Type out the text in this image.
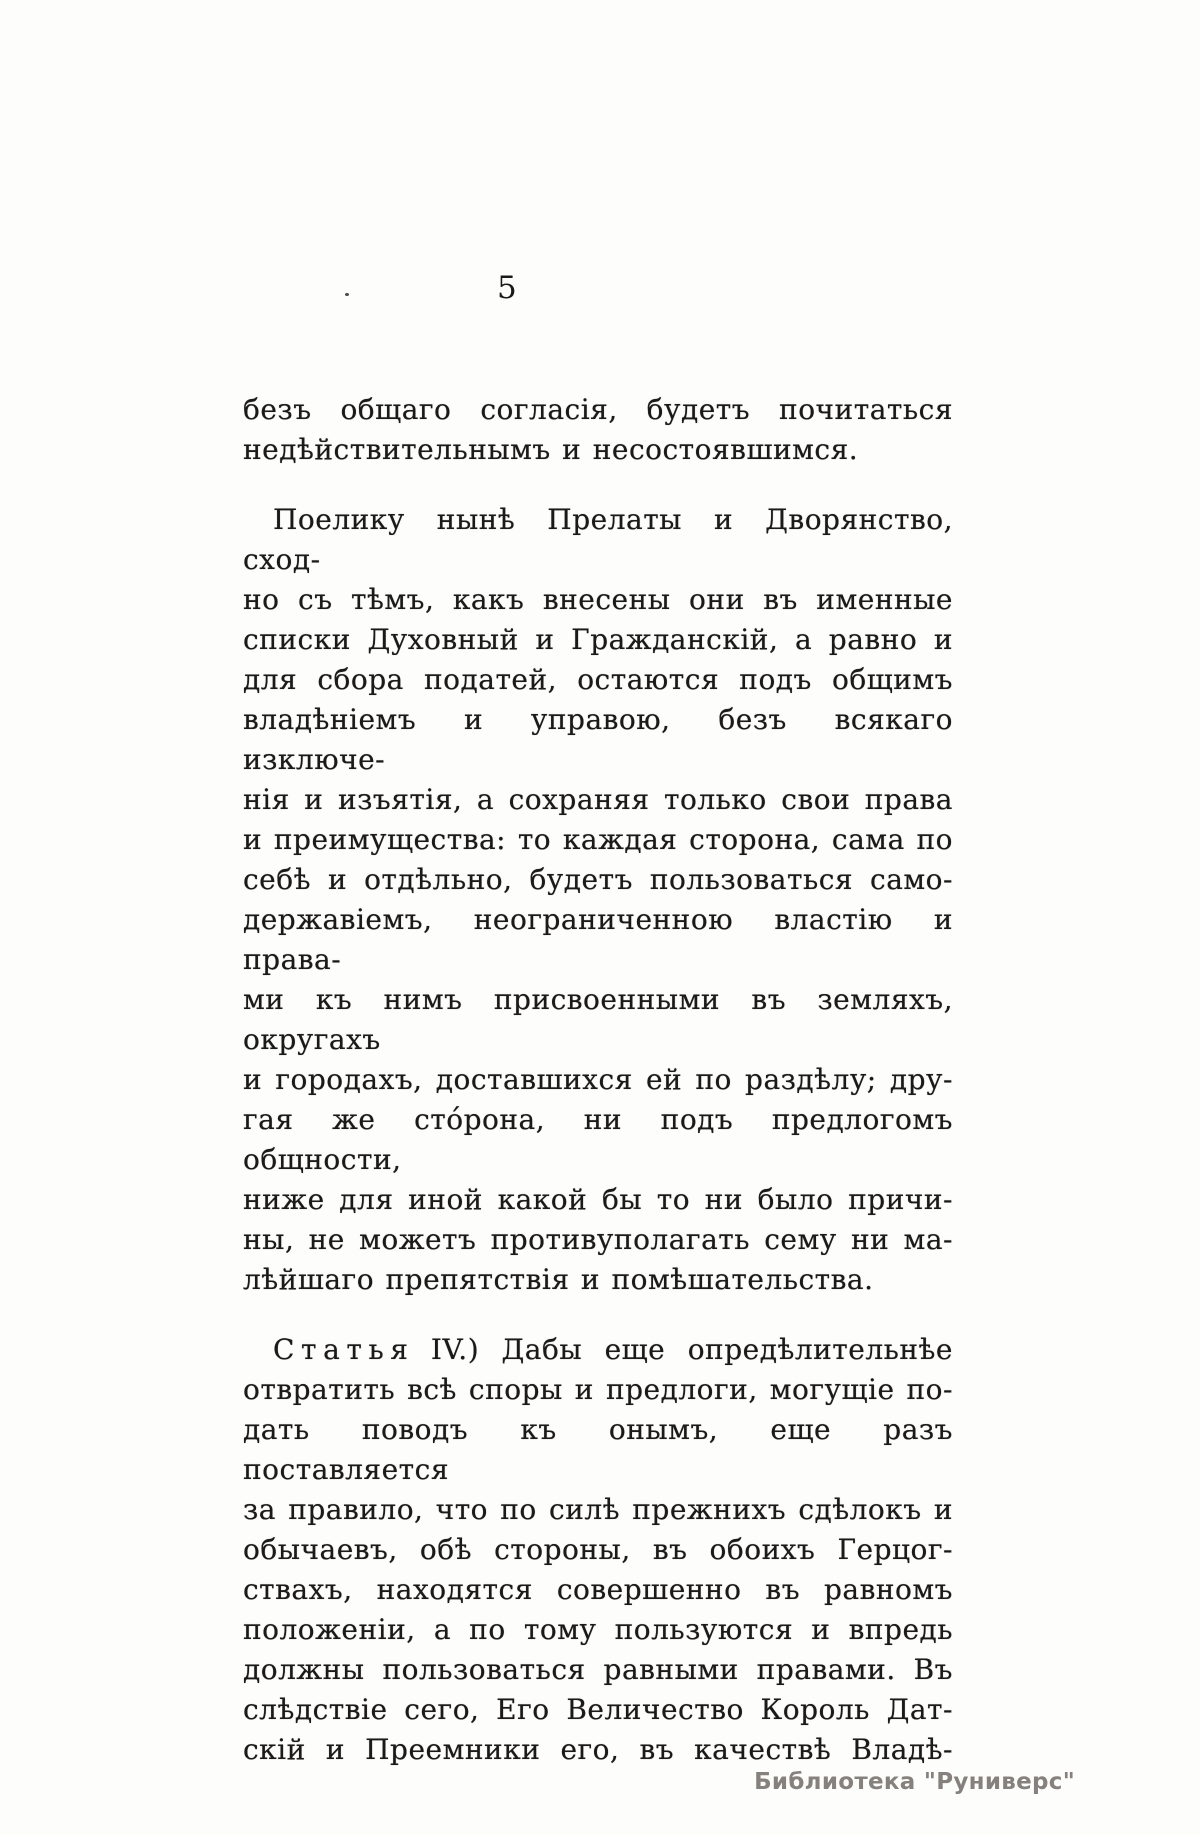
5
безъ общаго согласія, будетъ почитаться
недѣйствительнымъ и несостоявшимся.
Поелику нынѣ Прелаты и Дворянство, сход-
но съ тѣмъ, какъ внесены они въ именные
списки Духовный и Гражданскій, а равно и
для сбора податей, остаются подъ общимъ
владѣніемъ и управою, безъ всякаго изключе-
нія и изъятія, а сохраняя только свои права
и преимущества: то каждая сторона, сама по
себѣ и отдѣльно, будетъ пользоваться само-
державіемъ, неограниченною властію и права-
ми къ нимъ присвоенными въ земляхъ, округахъ
и городахъ, доставшихся ей по раздѣлу; дру-
гая же сто́рона, ни подъ предлогомъ общности,
ниже для иной какой бы то ни было причи-
ны, не можетъ противуполагать сему ни ма-
лѣйшаго препятствія и помѣшательства.
С т а т ь я IV.) Дабы еще опредѣлительнѣе
отвратить всѣ споры и предлоги, могущіе по-
дать поводъ къ онымъ, еще разъ поставляется
за правило, что по силѣ прежнихъ сдѣлокъ и
обычаевъ, обѣ стороны, въ обоихъ Герцог-
ствахъ, находятся совершенно въ равномъ
положеніи, а по тому пользуются и впредь
должны пользоваться равными правами. Въ
слѣдствіе сего, Его Величество Король Дат-
скій и Преемники его, въ качествѣ Владѣ-
Библиотека "Руниверс"
